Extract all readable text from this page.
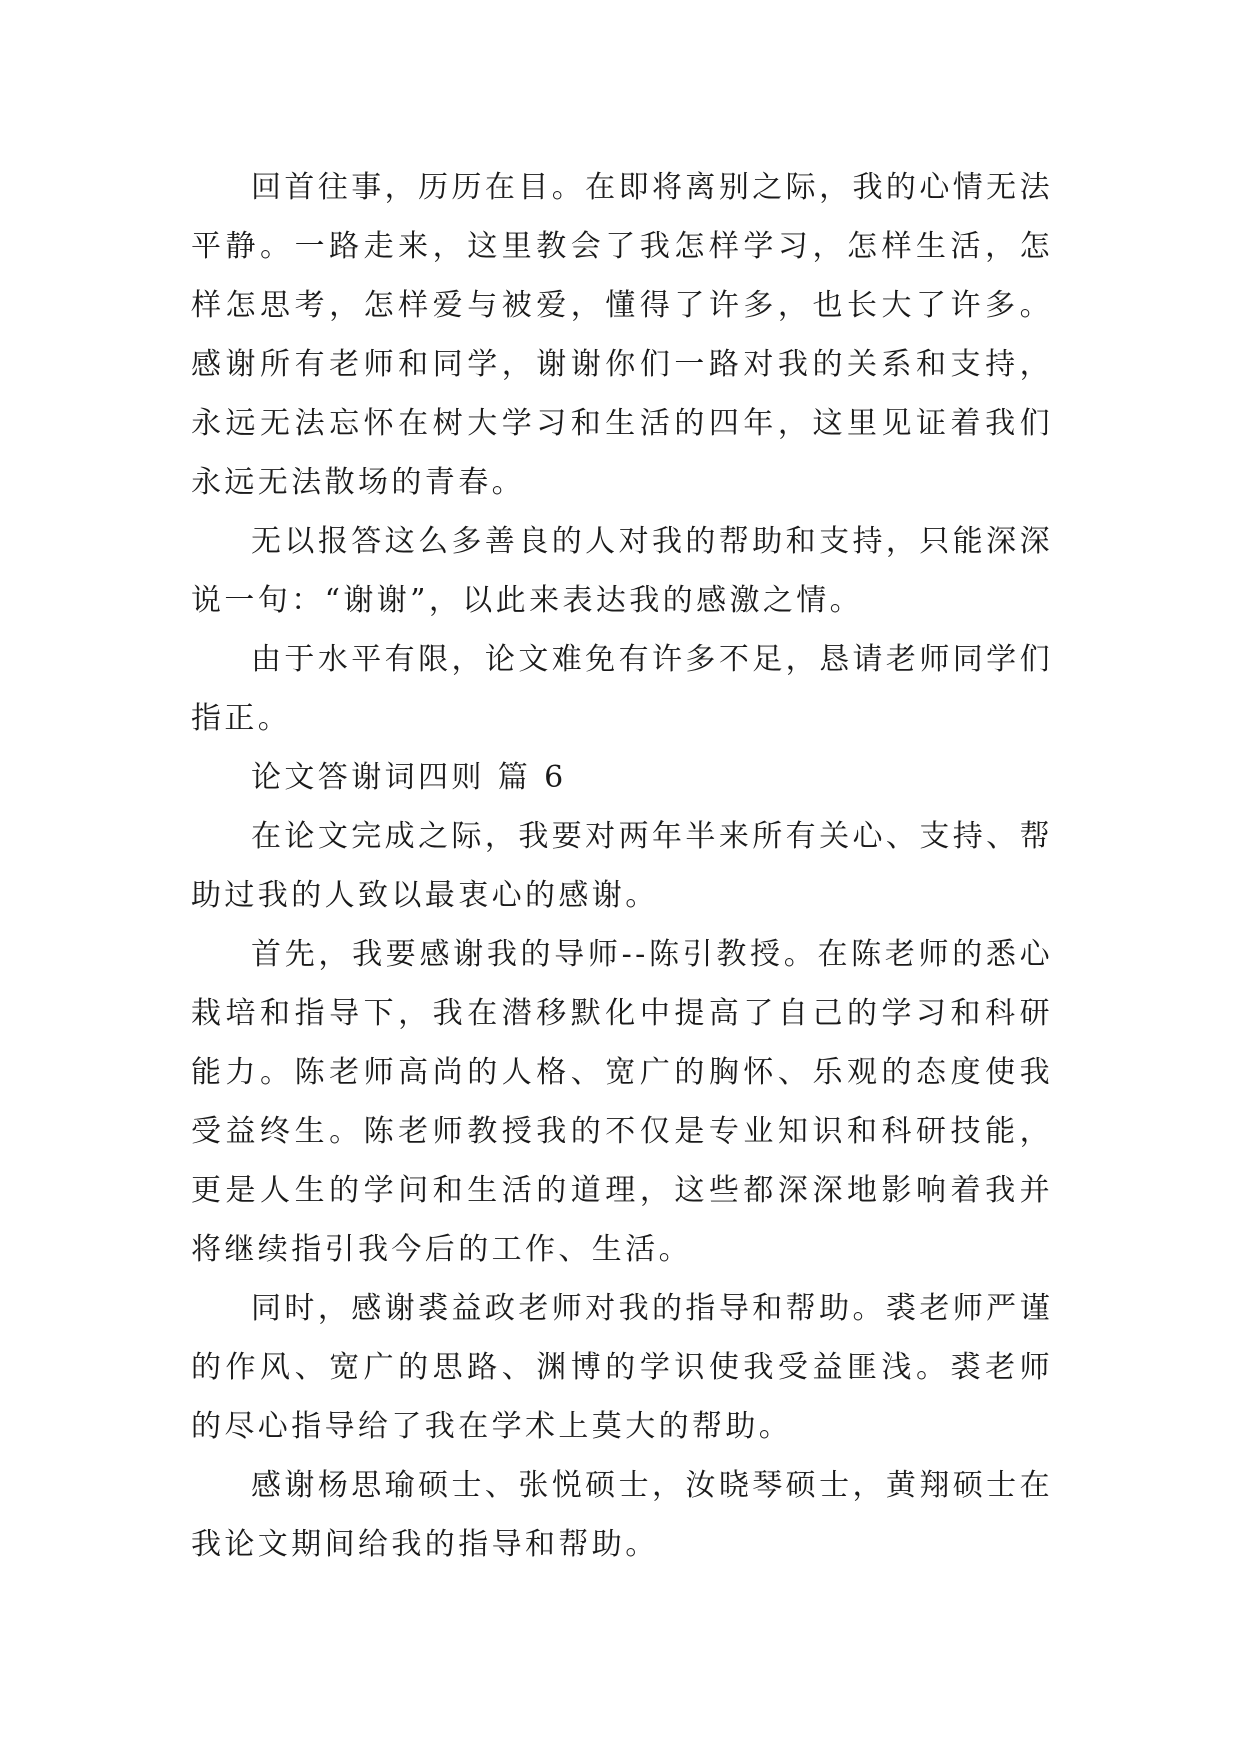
回首往事，历历在目。在即将离别之际，我的心情无法平静。一路走来，这里教会了我怎样学习，怎样生活，怎样怎思考，怎样爱与被爱，懂得了许多，也长大了许多。感谢所有老师和同学，谢谢你们一路对我的关系和支持，永远无法忘怀在树大学习和生活的四年，这里见证着我们永远无法散场的青春。

无以报答这么多善良的人对我的帮助和支持，只能深深说一句：“谢谢”，以此来表达我的感激之情。

由于水平有限，论文难免有许多不足，恳请老师同学们指正。

论文答谢词四则 篇 6

在论文完成之际，我要对两年半来所有关心、支持、帮助过我的人致以最衷心的感谢。

首先，我要感谢我的导师--陈引教授。在陈老师的悉心栽培和指导下，我在潜移默化中提高了自己的学习和科研能力。陈老师高尚的人格、宽广的胸怀、乐观的态度使我受益终生。陈老师教授我的不仅是专业知识和科研技能，更是人生的学问和生活的道理，这些都深深地影响着我并将继续指引我今后的工作、生活。

同时，感谢裘益政老师对我的指导和帮助。裘老师严谨的作风、宽广的思路、渊博的学识使我受益匪浅。裘老师的尽心指导给了我在学术上莫大的帮助。

感谢杨思瑜硕士、张悦硕士，汝晓琴硕士，黄翔硕士在我论文期间给我的指导和帮助。
